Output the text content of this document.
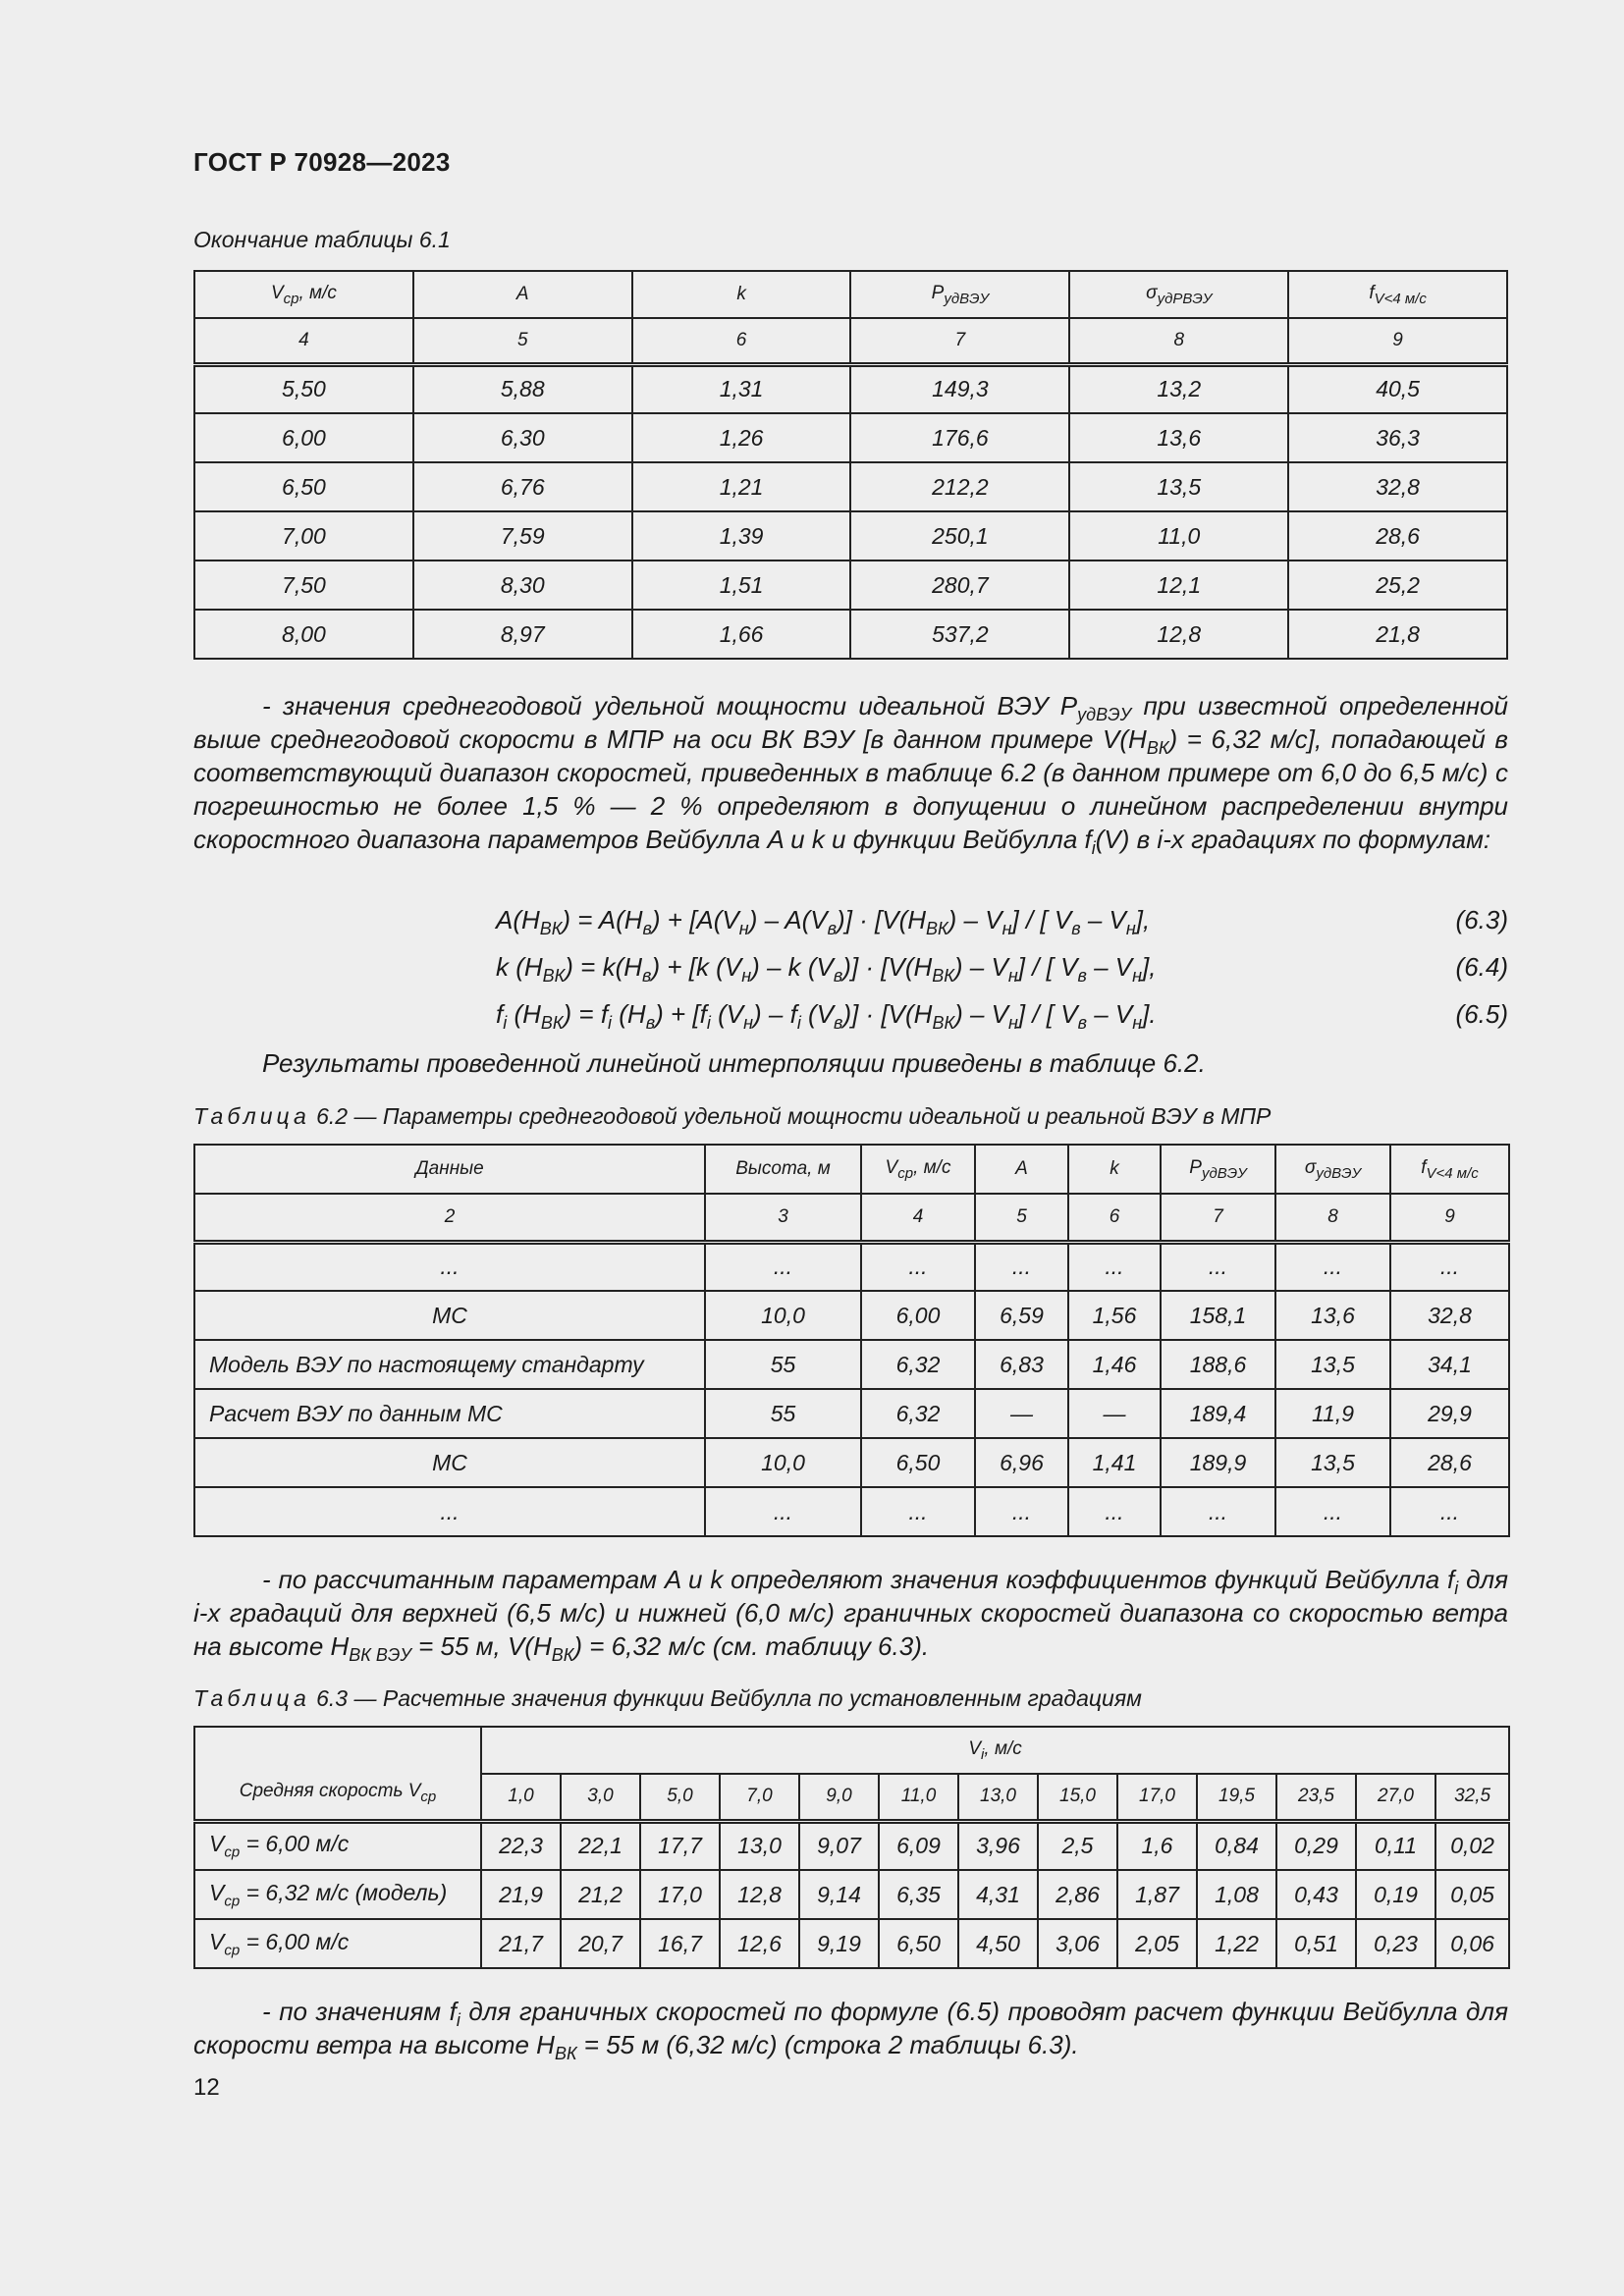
ГОСТ Р 70928—2023
Окончание таблицы 6.1
$V_{ср}$, м/с	A	k	$P_{удВЭУ}$	$\sigma_{удРВЭУ}$	$f_{V<4 м/с}$
4	5	6	7	8	9
5,50	5,88	1,31	149,3	13,2	40,5
6,00	6,30	1,26	176,6	13,6	36,3
6,50	6,76	1,21	212,2	13,5	32,8
7,00	7,59	1,39	250,1	11,0	28,6
7,50	8,30	1,51	280,7	12,1	25,2
8,00	8,97	1,66	537,2	12,8	21,8

- значения среднегодовой удельной мощности идеальной ВЭУ $P_{удВЭУ}$ при известной определенной выше среднегодовой скорости в МПР на оси ВК ВЭУ [в данном примере $V(H_{ВК}) = 6,32$ м/с], попадающей в соответствующий диапазон скоростей, приведенных в таблице 6.2 (в данном примере от 6,0 до 6,5 м/с) с погрешностью не более 1,5 % — 2 % определяют в допущении о линейном распределении внутри скоростного диапазона параметров Вейбулла A и k и функции Вейбулла $f_i(V)$ в i-x градациях по формулам:

$A(H_{ВК}) = A(H_в) + [A(V_н) - A(V_в)] \cdot [V(H_{ВК}) - V_н]$ / [ $V_в - V_н$],	(6.3)
k $(H_{ВК}) = k(H_в) + [k$ $(V_н)$ – k $(V_в)] \cdot [V(H_{ВК}) - V_н]$ / [ $V_в - V_н$],	(6.4)
$f_i$ $(H_{ВК}) = f_i$ $(H_в) + [f_i$ $(V_н) - f_i$ $(V_в)] \cdot [V(H_{ВК}) - V_н]$ / [ $V_в - V_н$].	(6.5)

Результаты проведенной линейной интерполяции приведены в таблице 6.2.

Таблица 6.2 — Параметры среднегодовой удельной мощности идеальной и реальной ВЭУ в МПР
Данные	Высота, м	$V_{ср}$, м/с	A	k	$P_{удВЭУ}$	$\sigma_{удВЭУ}$	$f_{V<4 м/с}$
2	3	4	5	6	7	8	9
...	...	...	...	...	...	...	...
МС	10,0	6,00	6,59	1,56	158,1	13,6	32,8
Модель ВЭУ по настоящему стандарту	55	6,32	6,83	1,46	188,6	13,5	34,1
Расчет ВЭУ по данным МС	55	6,32	—	—	189,4	11,9	29,9
МС	10,0	6,50	6,96	1,41	189,9	13,5	28,6
...	...	...	...	...	...	...	...

- по рассчитанным параметрам A и k определяют значения коэффициентов функций Вейбулла $f_i$ для i-х градаций для верхней (6,5 м/с) и нижней (6,0 м/с) граничных скоростей диапазона со скоростью ветра на высоте $H_{ВК ВЭУ} = 55$ м, $V(H_{ВК}) = 6,32$ м/с (см. таблицу 6.3).

Таблица 6.3 — Расчетные значения функции Вейбулла по установленным градациям
Средняя скорость $V_{ср}$	$V_i$, м/с												
	1,0	3,0	5,0	7,0	9,0	11,0	13,0	15,0	17,0	19,5	23,5	27,0	32,5
$V_{ср} = 6,00$ м/с	22,3	22,1	17,7	13,0	9,07	6,09	3,96	2,5	1,6	0,84	0,29	0,11	0,02
$V_{ср} = 6,32$ м/с (модель)	21,9	21,2	17,0	12,8	9,14	6,35	4,31	2,86	1,87	1,08	0,43	0,19	0,05
$V_{ср} = 6,00$ м/с	21,7	20,7	16,7	12,6	9,19	6,50	4,50	3,06	2,05	1,22	0,51	0,23	0,06

- по значениям $f_i$ для граничных скоростей по формуле (6.5) проводят расчет функции Вейбулла для скорости ветра на высоте $H_{ВК} = 55$ м (6,32 м/с) (строка 2 таблицы 6.3).

12
